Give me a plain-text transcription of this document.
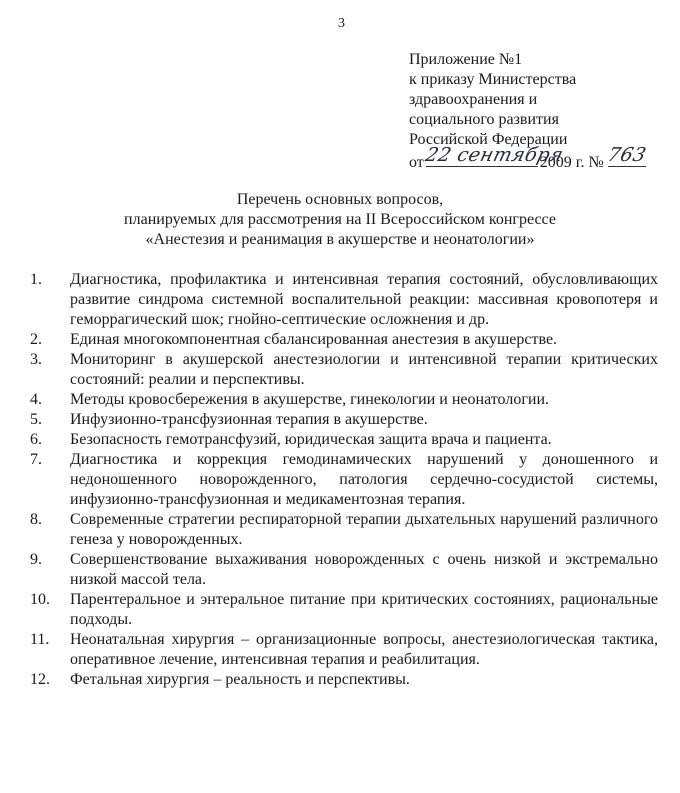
3
Приложение №1
к приказу Министерства
здравоохранения и
социального развития
Российской Федерации
от 22 сентября
2009 г. № 763
Перечень основных вопросов,
планируемых для рассмотрения на II Всероссийском конгрессе
«Анестезия и реанимация в акушерстве и неонатологии»
1.	Диагностика, профилактика и интенсивная терапия состояний, обусловливающих развитие синдрома системной воспалительной реакции: массивная кровопотеря и геморрагический шок; гнойно-септические осложнения и др.
2.	Единая многокомпонентная сбалансированная анестезия в акушерстве.
3.	Мониторинг в акушерской анестезиологии и интенсивной терапии критических состояний: реалии и перспективы.
4.	Методы кровосбережения в акушерстве, гинекологии и неонатологии.
5.	Инфузионно-трансфузионная терапия в акушерстве.
6.	Безопасность гемотрансфузий, юридическая защита врача и пациента.
7.	Диагностика и коррекция гемодинамических нарушений у доношенного и недоношенного новорожденного, патология сердечно-сосудистой системы, инфузионно-трансфузионная и медикаментозная терапия.
8.	Современные стратегии респираторной терапии дыхательных нарушений различного генеза у новорожденных.
9.	Совершенствование выхаживания новорожденных с очень низкой и экстремально низкой массой тела.
10.	Парентеральное и энтеральное питание при критических состояниях, рациональные подходы.
11.	Неонатальная хирургия – организационные вопросы, анестезиологическая тактика, оперативное лечение, интенсивная терапия и реабилитация.
12.	Фетальная хирургия – реальность и перспективы.
